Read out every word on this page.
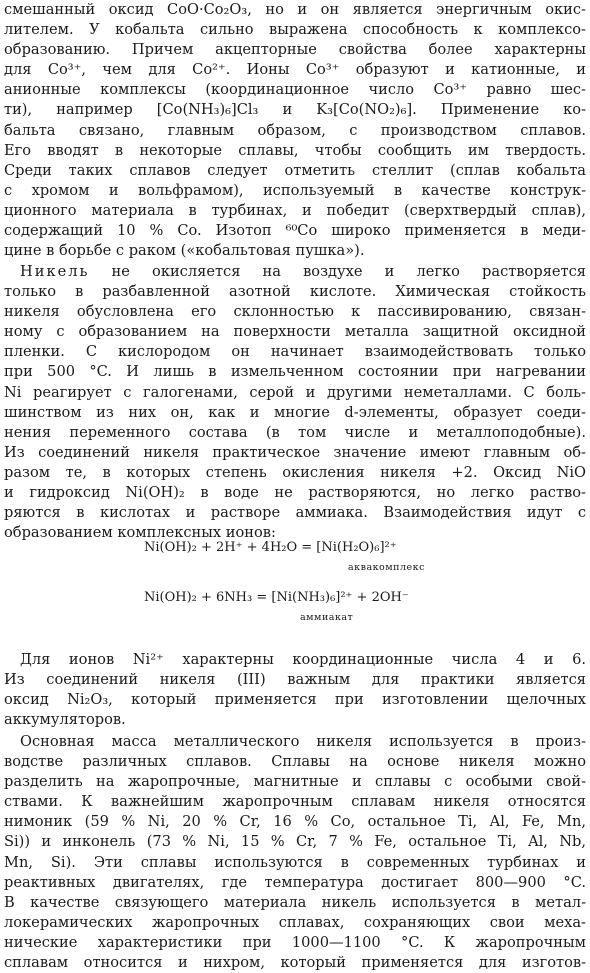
смешанный оксид CoO·Co₂O₃, но и он является энергичным окис-
лителем. У кобальта сильно выражена способность к комплексо-
образованию. Причем акцепторные свойства более характерны
для Co³⁺, чем для Co²⁺. Ионы Co³⁺ образуют и катионные, и
анионные комплексы (координационное число Co³⁺ равно шес-
ти), например [Co(NH₃)₆]Cl₃ и K₃[Co(NO₂)₆]. Применение ко-
бальта связано, главным образом, с производством сплавов.
Его вводят в некоторые сплавы, чтобы сообщить им твердость.
Среди таких сплавов следует отметить стеллит (сплав кобальта
с хромом и вольфрамом), используемый в качестве конструк-
ционного материала в турбинах, и победит (сверхтвердый сплав),
содержащий 10 % Co. Изотоп ⁶⁰Co широко применяется в меди-
цине в борьбе с раком («кобальтовая пушка»).

Никель не окисляется на воздухе и легко растворяется
только в разбавленной азотной кислоте. Химическая стойкость
никеля обусловлена его склонностью к пассивированию, связан-
ному с образованием на поверхности металла защитной оксидной
пленки. С кислородом он начинает взаимодействовать только
при 500 °C. И лишь в измельченном состоянии при нагревании
Ni реагирует с галогенами, серой и другими неметаллами. С боль-
шинством из них он, как и многие d-элементы, образует соеди-
нения переменного состава (в том числе и металлоподобные).
Из соединений никеля практическое значение имеют главным об-
разом те, в которых степень окисления никеля +2. Оксид NiO
и гидроксид Ni(OH)₂ в воде не растворяются, но легко раство-
ряются в кислотах и растворе аммиака. Взаимодействия идут с
образованием комплексных ионов:

Ni(OH)₂ + 2H⁺ + 4H₂O = [Ni(H₂O)₆]²⁺
аквакомплекс
Ni(OH)₂ + 6NH₃ = [Ni(NH₃)₆]²⁺ + 2OH⁻
аммиакат

Для ионов Ni²⁺ характерны координационные числа 4 и 6.
Из соединений никеля (III) важным для практики является
оксид Ni₂O₃, который применяется при изготовлении щелочных
аккумуляторов.

Основная масса металлического никеля используется в произ-
водстве различных сплавов. Сплавы на основе никеля можно
разделить на жаропрочные, магнитные и сплавы с особыми свой-
ствами. К важнейшим жаропрочным сплавам никеля относятся
нимоник (59 % Ni, 20 % Cr, 16 % Co, остальное Ti, Al, Fe, Mn,
Si)) и инконель (73 % Ni, 15 % Cr, 7 % Fe, остальное Ti, Al, Nb,
Mn, Si). Эти сплавы используются в современных турбинах и
реактивных двигателях, где температура достигает 800—900 °C.
В качестве связующего материала никель используется в метал-
локерамических жаропрочных сплавах, сохраняющих свои меха-
нические характеристики при 1000—1100 °C. К жаропрочным
сплавам относится и нихром, который применяется для изготов-
